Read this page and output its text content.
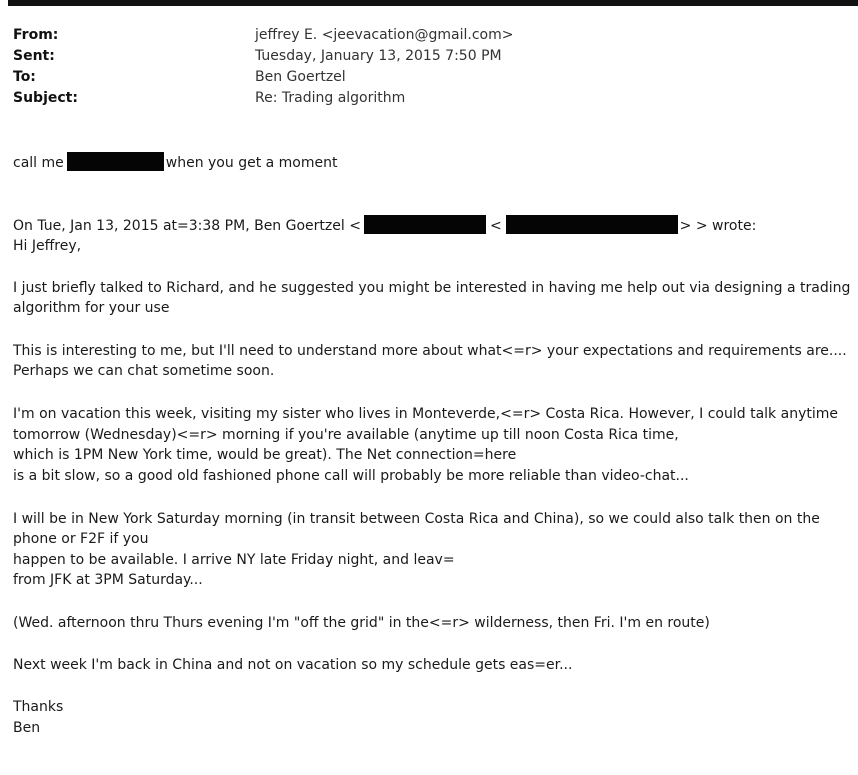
From:	jeffrey E. <jeevacation@gmail.com>
Sent:	Tuesday, January 13, 2015 7:50 PM
To:	Ben Goertzel
Subject:	Re: Trading algorithm
call me	when you get a moment
On Tue, Jan 13, 2015 at=3:38 PM, Ben Goertzel <	<	> > wrote:
Hi Jeffrey,
I just briefly talked to Richard, and he suggested you might be interested in having me help out via designing a trading
algorithm for your use
This is interesting to me, but I'll need to understand more about what<=r> your expectations and requirements are....
Perhaps we can chat sometime soon.
I'm on vacation this week, visiting my sister who lives in Monteverde,<=r> Costa Rica. However, I could talk anytime
tomorrow (Wednesday)<=r> morning if you're available (anytime up till noon Costa Rica time,
which is 1PM New York time, would be great). The Net connection=here
is a bit slow, so a good old fashioned phone call will probably be more reliable than video-chat...
I will be in New York Saturday morning (in transit between Costa Rica and China), so we could also talk then on the
phone or F2F if you
happen to be available. I arrive NY late Friday night, and leav=
from JFK at 3PM Saturday...
(Wed. afternoon thru Thurs evening I'm "off the grid" in the<=r> wilderness, then Fri. I'm en route)
Next week I'm back in China and not on vacation so my schedule gets eas=er...
Thanks
Ben
